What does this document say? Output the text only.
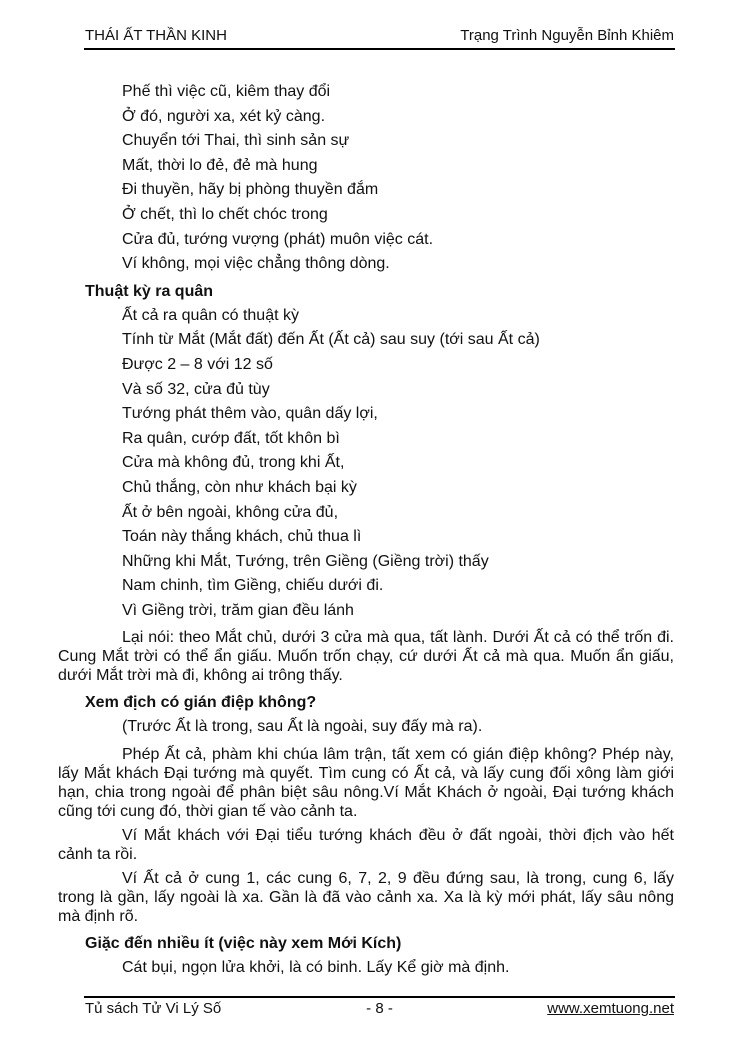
THÁI ẤT THẦN KINH	Trạng Trình Nguyễn Bỉnh Khiêm
Phế thì việc cũ, kiêm thay đổi
Ở đó, người xa, xét kỷ càng.
Chuyển tới Thai, thì sinh sản sự
Mất, thời lo đẻ, đẻ mà hung
Đi thuyền, hãy bị phòng thuyền đắm
Ở chết, thì lo chết chóc trong
Cửa đủ, tướng vượng (phát) muôn việc cát.
Ví không, mọi việc chẳng thông dòng.
Thuật kỳ ra quân
Ất cả ra quân có thuật kỳ
Tính từ Mắt (Mắt đất) đến Ất (Ất cả) sau suy (tới sau Ất cả)
Được 2 – 8 với 12 số
Và số 32, cửa đủ tùy
Tướng phát thêm vào, quân dấy lợi,
Ra quân, cướp đất, tốt khôn bì
Cửa mà không đủ, trong khi Ất,
Chủ thắng, còn như khách bại kỳ
Ất ở bên ngoài, không cửa đủ,
Toán này thắng khách, chủ thua lì
Những khi Mắt, Tướng, trên Giềng (Giềng trời) thấy
Nam chinh, tìm Giềng, chiếu dưới đi.
Vì Giềng trời, trăm gian đều lánh

Lại nói: theo Mắt chủ, dưới 3 cửa mà qua, tất lành. Dưới Ất cả có thể trốn đi. Cung Mắt trời có thể ẩn giấu. Muốn trốn chạy, cứ dưới Ất cả mà qua. Muốn ẩn giấu, dưới Mắt trời mà đi, không ai trông thấy.

Xem địch có gián điệp không?
(Trước Ất là trong, sau Ất là ngoài, suy đấy mà ra).

Phép Ất cả, phàm khi chúa lâm trận, tất xem có gián điệp không? Phép này, lấy Mắt khách Đại tướng mà quyết. Tìm cung có Ất cả, và lấy cung đối xông làm giới hạn, chia trong ngoài để phân biệt sâu nông.Ví Mắt Khách ở ngoài, Đại tướng khách cũng tới cung đó, thời gian tế vào cảnh ta.

Ví Mắt khách với Đại tiểu tướng khách đều ở đất ngoài, thời địch vào hết cảnh ta rồi.

Ví Ất cả ở cung 1, các cung 6, 7, 2, 9 đều đứng sau, là trong, cung 6, lấy trong là gần, lấy ngoài là xa. Gần là đã vào cảnh xa. Xa là kỳ mới phát, lấy sâu nông mà định rõ.

Giặc đến nhiều ít (việc này xem Mới Kích)
Cát bụi, ngọn lửa khởi, là có binh. Lấy Kể giờ mà định.
- 8 -
Tủ sách Tử Vi Lý Số	www.xemtuong.net
